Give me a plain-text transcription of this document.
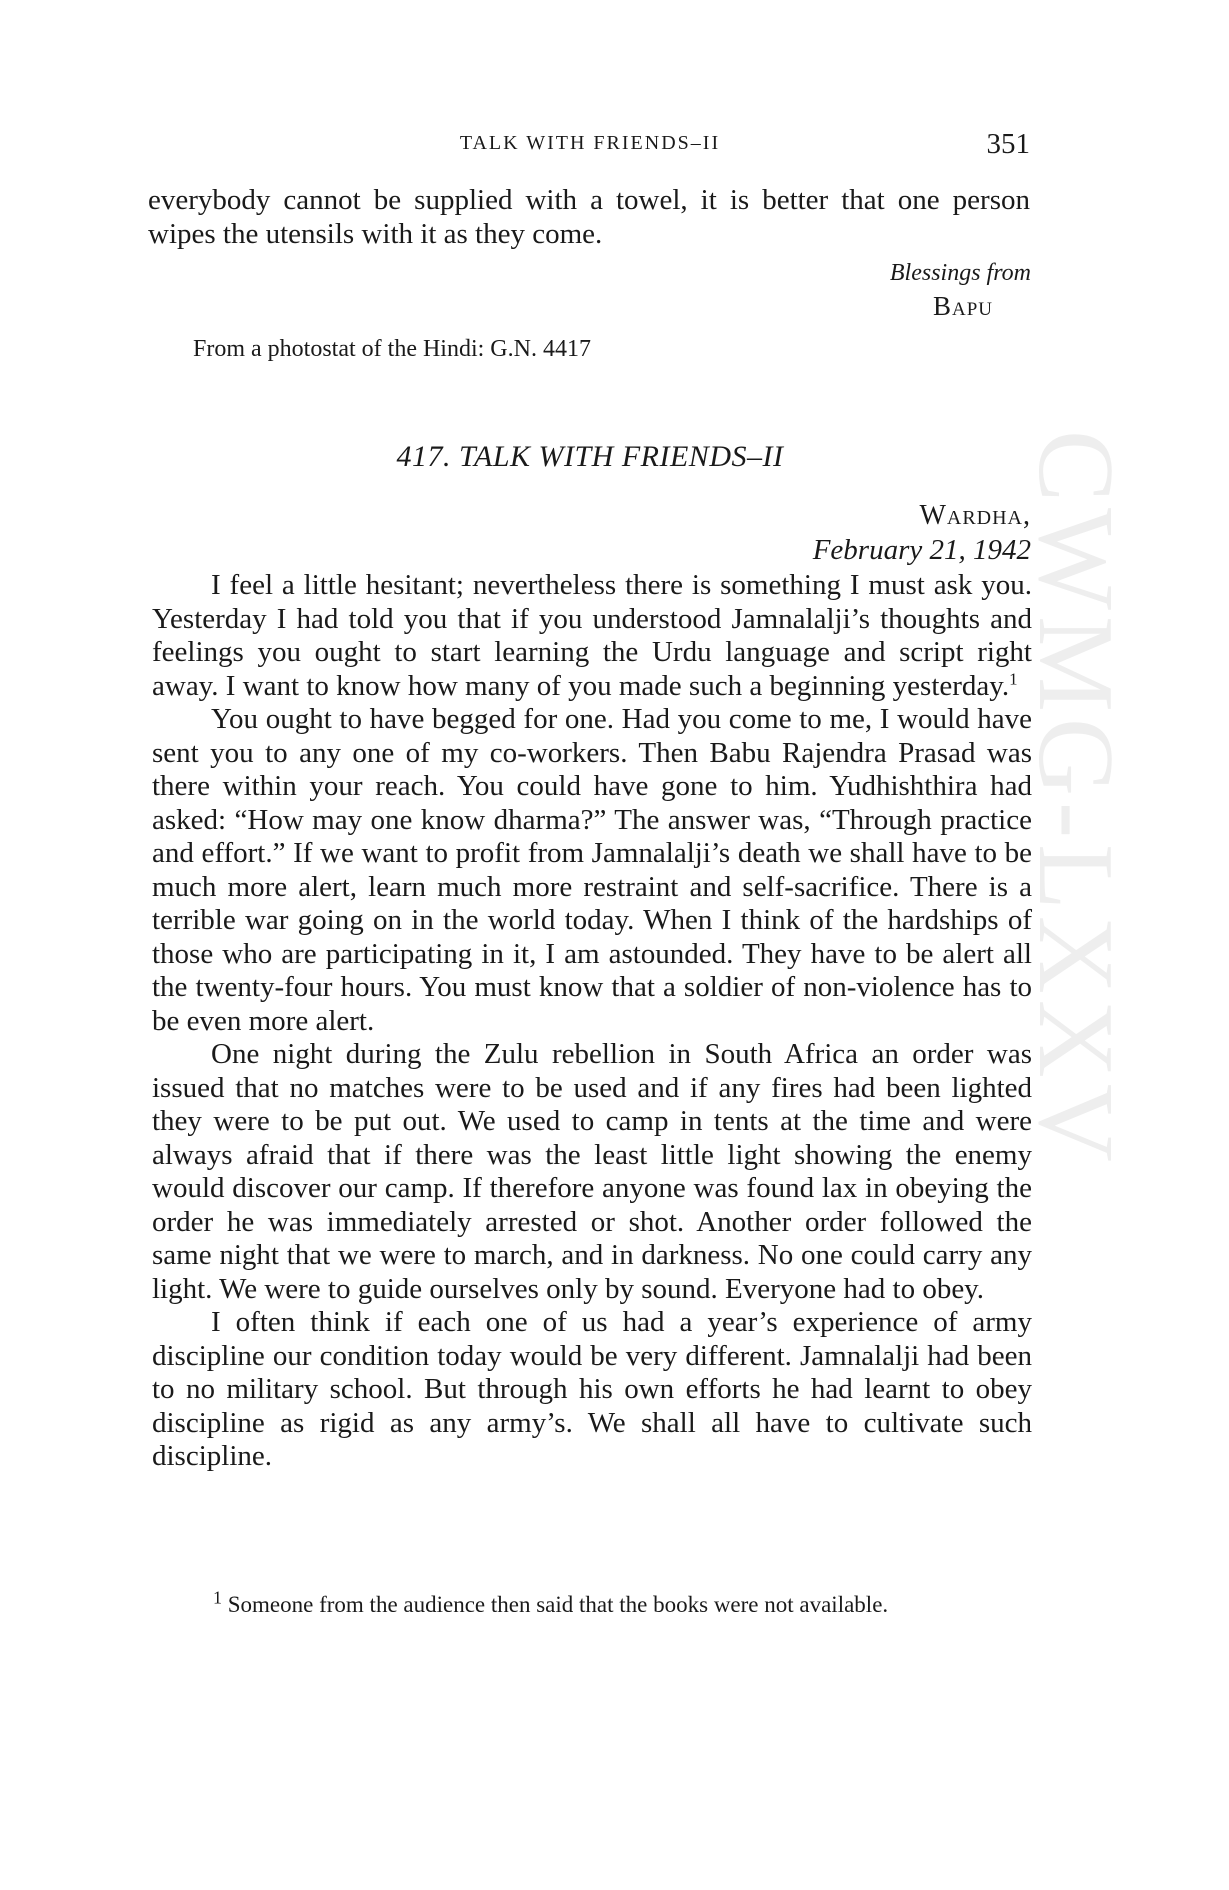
CWMG-LXXV
TALK WITH FRIENDS–II	351

everybody cannot be supplied with a towel, it is better that one person wipes the utensils with it as they come.

Blessings from
Bapu
From a photostat of the Hindi: G.N. 4417
417. TALK WITH FRIENDS–II
Wardha,
February 21, 1942

I feel a little hesitant; nevertheless there is something I must ask you. Yesterday I had told you that if you understood Jamnalalji’s thoughts and feelings you ought to start learning the Urdu language and script right away. I want to know how many of you made such a beginning yesterday.$^1$

You ought to have begged for one. Had you come to me, I would have sent you to any one of my co-workers. Then Babu Rajendra Prasad was there within your reach. You could have gone to him. Yudhishthira had asked: “How may one know dharma?” The answer was, “Through practice and effort.” If we want to profit from Jamnalalji’s death we shall have to be much more alert, learn much more restraint and self-sacrifice. There is a terrible war going on in the world today. When I think of the hardships of those who are participating in it, I am astounded. They have to be alert all the twenty-four hours. You must know that a soldier of non-violence has to be even more alert.

One night during the Zulu rebellion in South Africa an order was issued that no matches were to be used and if any fires had been lighted they were to be put out. We used to camp in tents at the time and were always afraid that if there was the least little light showing the enemy would discover our camp. If therefore anyone was found lax in obeying the order he was immediately arrested or shot. Another order followed the same night that we were to march, and in darkness. No one could carry any light. We were to guide ourselves only by sound. Everyone had to obey.

I often think if each one of us had a year’s experience of army discipline our condition today would be very different. Jamnalalji had been to no military school. But through his own efforts he had learnt to obey discipline as rigid as any army’s. We shall all have to cultivate such discipline.

$^1$ Someone from the audience then said that the books were not available.
